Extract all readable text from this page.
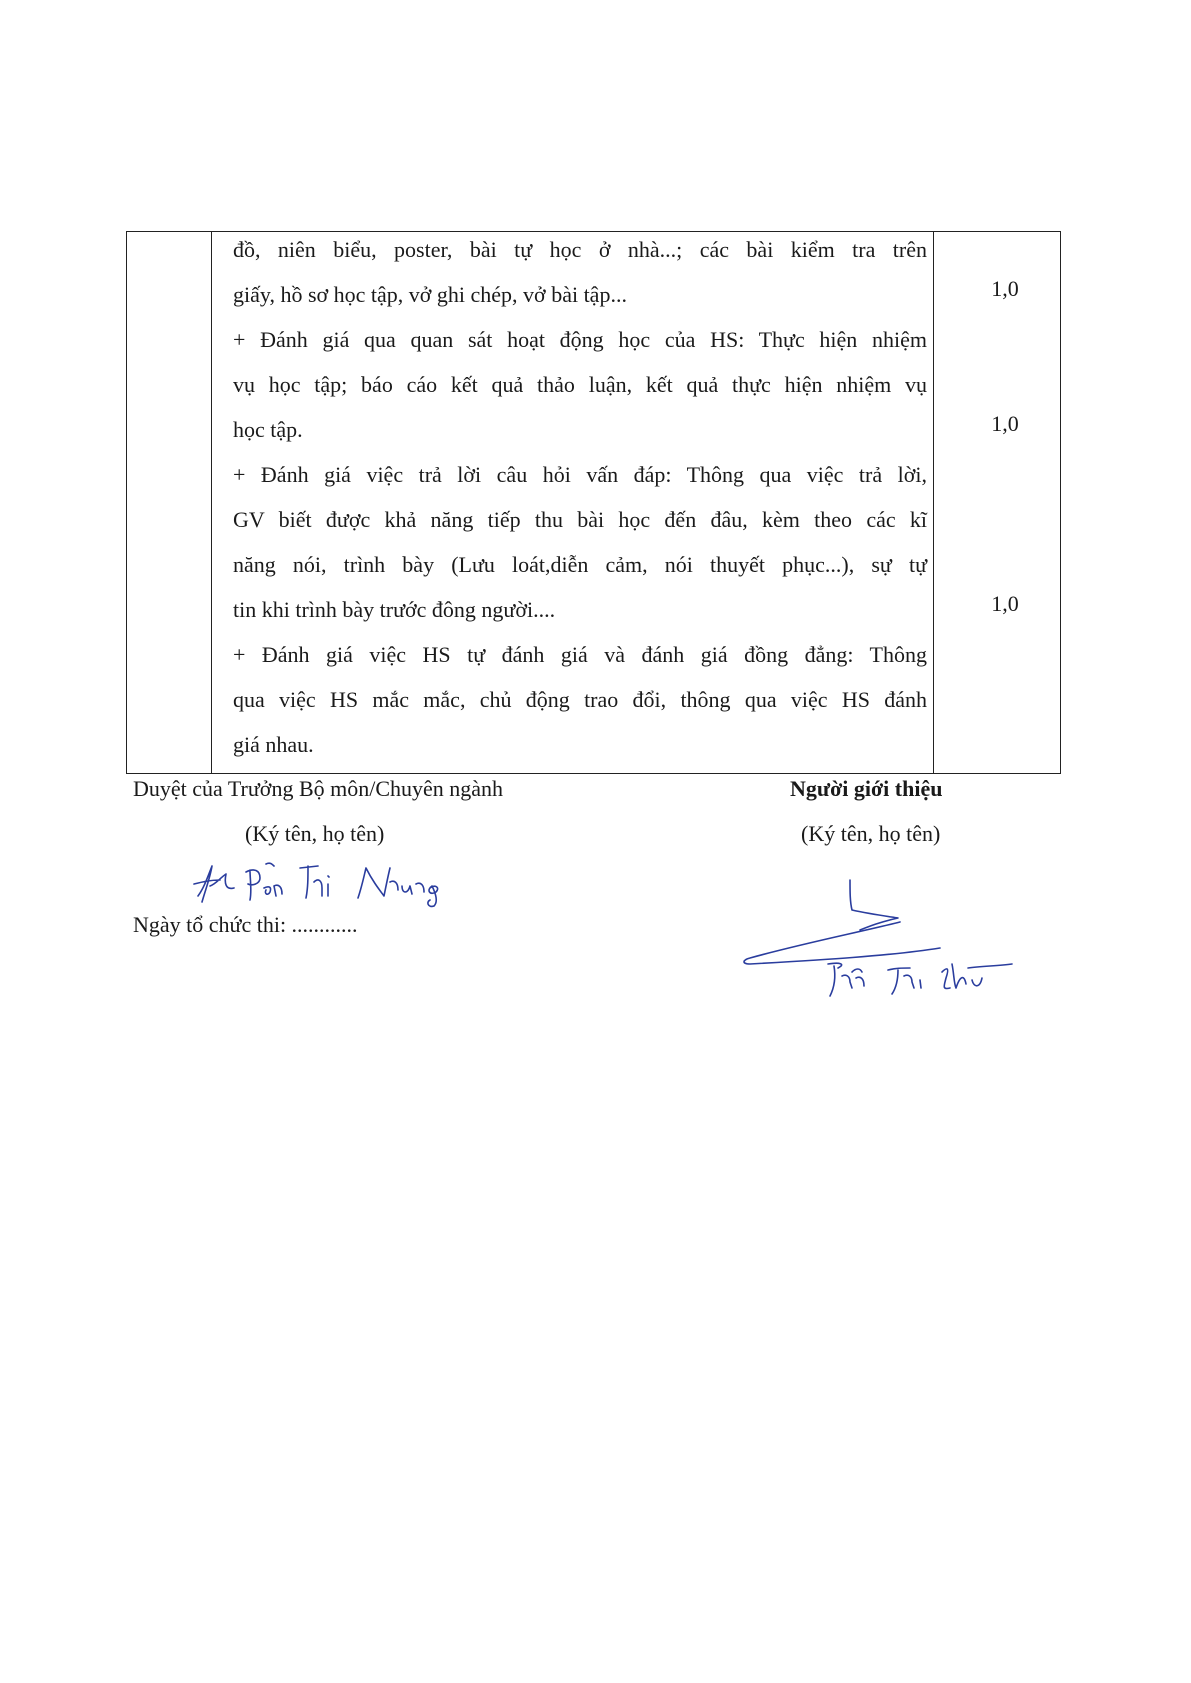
đồ, niên biểu, poster, bài tự học ở nhà...; các bài kiểm tra trên
giấy, hồ sơ học tập, vở ghi chép, vở bài tập...
+ Đánh giá qua quan sát hoạt động học của HS: Thực hiện nhiệm
vụ học tập; báo cáo kết quả thảo luận, kết quả thực hiện nhiệm vụ
học tập.
+ Đánh giá việc trả lời câu hỏi vấn đáp: Thông qua việc trả lời,
GV biết được khả năng tiếp thu bài học đến đâu, kèm theo các kĩ
năng nói, trình bày (Lưu loát,diễn cảm, nói thuyết phục...), sự tự
tin khi trình bày trước đông người....
+ Đánh giá việc HS tự đánh giá và đánh giá đồng đẳng: Thông
qua việc HS mắc mắc, chủ động trao đổi, thông qua việc HS đánh
giá nhau.
1,0
1,0
1,0
Duyệt của Trưởng Bộ môn/Chuyên ngành
(Ký tên, họ tên)
Ngày tổ chức thi: ............
Người giới thiệu
(Ký tên, họ tên)
